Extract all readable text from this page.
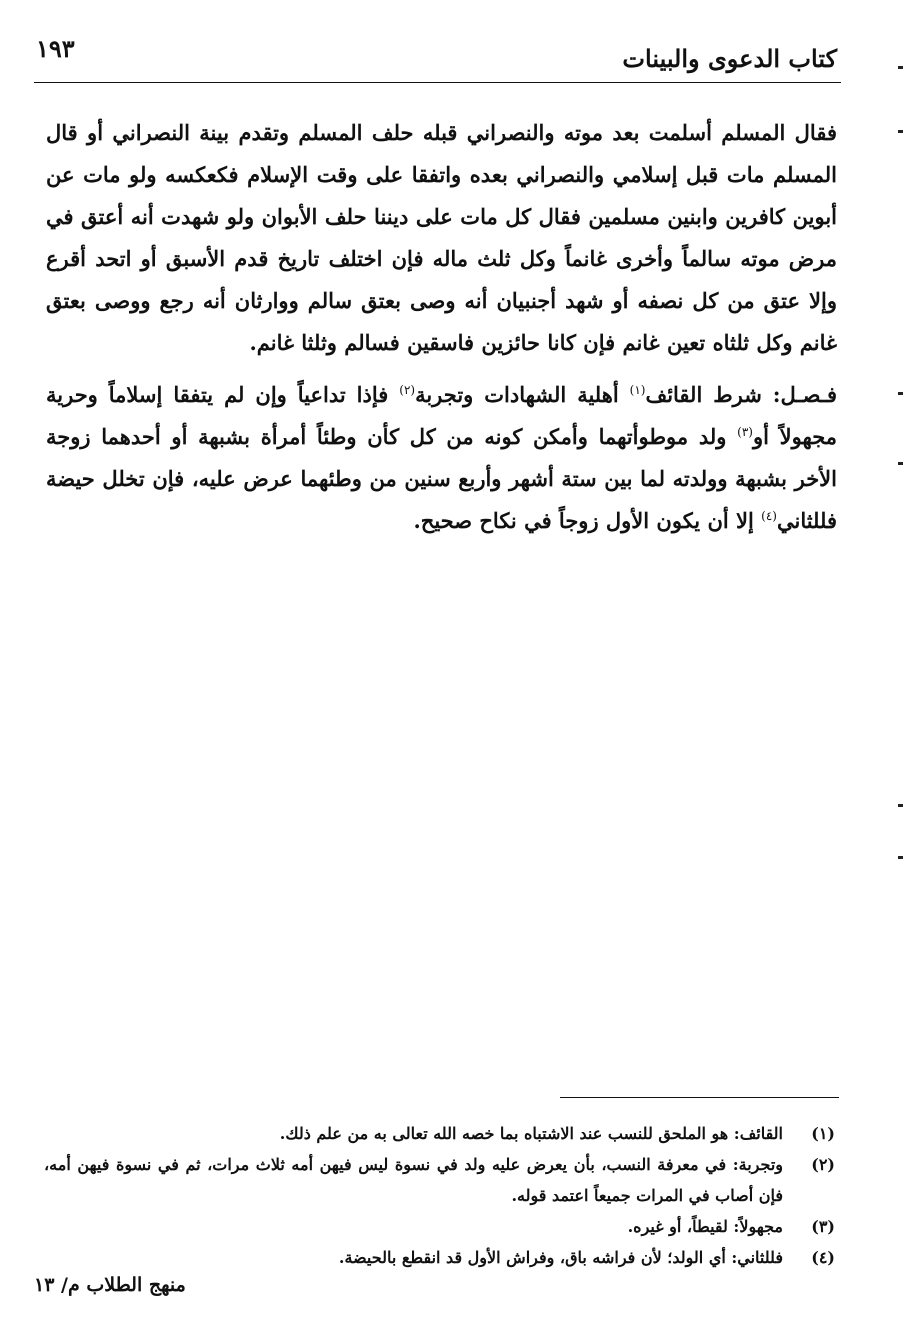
١٩٣	كتاب الدعوى والبينات

فقال المسلم أسلمت بعد موته والنصراني قبله حلف المسلم وتقدم بينة النصراني أو قال المسلم مات قبل إسلامي والنصراني بعده واتفقا على وقت الإسلام فكعكسه ولو مات عن أبوين كافرين وابنين مسلمين فقال كل مات على ديننا حلف الأبوان ولو شهدت أنه أعتق في مرض موته سالماً وأخرى غانماً وكل ثلث ماله فإن اختلف تاريخ قدم الأسبق أو اتحد أقرع وإلا عتق من كل نصفه أو شهد أجنبيان أنه وصى بعتق سالم ووارثان أنه رجع ووصى بعتق غانم وكل ثلثاه تعين غانم فإن كانا حائزين فاسقين فسالم وثلثا غانم.

فـصـل: شرط القائف$^{(١)}$ أهلية الشهادات وتجربة$^{(٢)}$ فإذا تداعياً وإن لم يتفقا إسلاماً وحرية مجهولاً أو$^{(٣)}$ ولد موطوأتهما وأمكن كونه من كل كأن وطئاً أمرأة بشبهة أو أحدهما زوجة الأخر بشبهة وولدته لما بين ستة أشهر وأربع سنين من وطئهما عرض عليه، فإن تخلل حيضة فللثاني$^{(٤)}$ إلا أن يكون الأول زوجاً في نكاح صحيح.

(١)
القائف: هو الملحق للنسب عند الاشتباه بما خصه الله تعالى به من علم ذلك.
(٢)
وتجربة: في معرفة النسب، بأن يعرض عليه ولد في نسوة ليس فيهن أمه ثلاث مرات، ثم في نسوة فيهن أمه، فإن أصاب في المرات جميعاً اعتمد قوله.
(٣)
مجهولاً: لقيطاً، أو غيره.
(٤)
فللثاني: أي الولد؛ لأن فراشه باق، وفراش الأول قد انقطع بالحيضة.
منهج الطلاب م/ ١٣
